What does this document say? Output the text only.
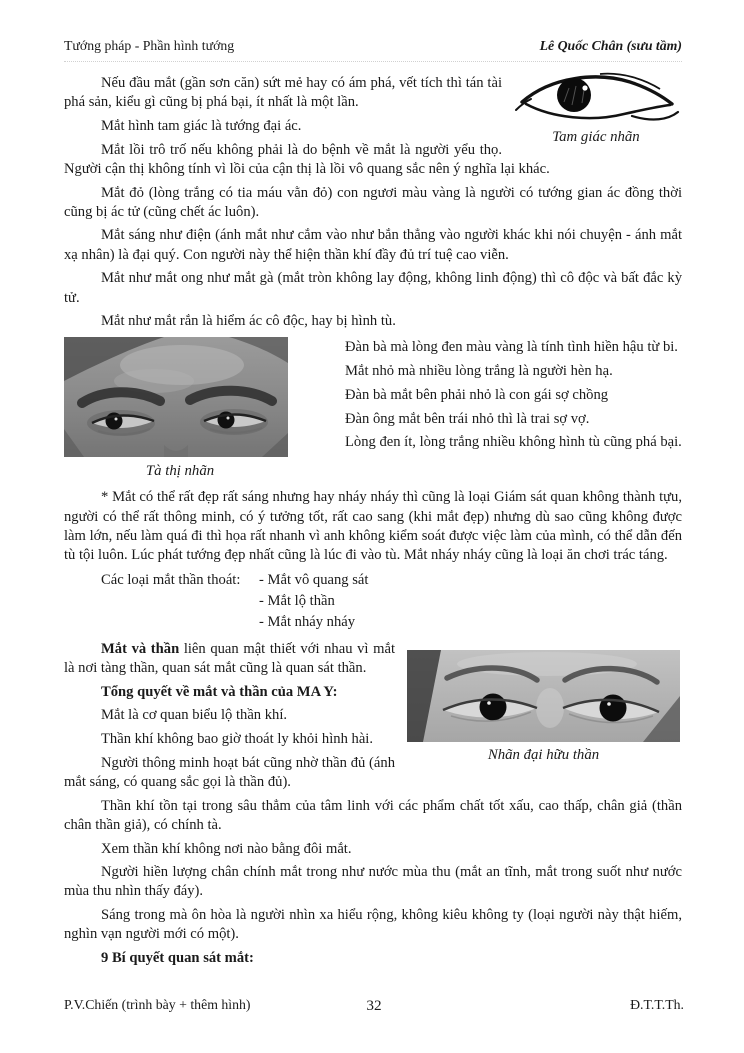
Tướng pháp - Phần hình tướng	Lê Quốc Chân (sưu tầm)
Tam giác nhãn

Nếu đầu mắt (gần sơn căn) sứt mẻ hay có ám phá, vết tích thì tán tài phá sản, kiểu gì cũng bị phá bại, ít nhất là một lần.

Mắt hình tam giác là tướng đại ác.

Mắt lồi trô trố nếu không phải là do bệnh về mắt là người yểu thọ. Người cận thị không tính vì lồi của cận thị là lồi vô quang sắc nên ý nghĩa lại khác.

Mắt đỏ (lòng trắng có tia máu vằn đỏ) con ngươi màu vàng là người có tướng gian ác đồng thời cũng bị ác tử (cũng chết ác luôn).

Mắt sáng như điện (ánh mắt như cắm vào như bắn thẳng vào người khác khi nói chuyện - ánh mắt xạ nhân) là đại quý. Con người này thể hiện thần khí đầy đủ trí tuệ cao viễn.

Mắt như mắt ong như mắt gà (mắt tròn không lay động, không linh động) thì cô độc và bất đắc kỳ tử.

Mắt như mắt rắn là hiểm ác cô độc, hay bị hình tù.

Tà thị nhãn

Đàn bà mà lòng đen màu vàng là tính tình hiền hậu từ bi.

Mắt nhỏ mà nhiều lòng trắng là người hèn hạ.

Đàn bà mắt bên phải nhỏ là con gái sợ chồng

Đàn ông mắt bên trái nhỏ thì là trai sợ vợ.

Lòng đen ít, lòng trắng nhiều không hình tù cũng phá bại.

* Mắt có thể rất đẹp rất sáng nhưng hay nháy nháy thì cũng là loại Giám sát quan không thành tựu, người có thể rất thông minh, có ý tưởng tốt, rất cao sang (khi mắt đẹp) nhưng dù sao cũng không được làm lớn, nếu làm quá đi thì họa rất nhanh vì anh không kiểm soát được việc làm của mình, có thể dẫn đến tù tội luôn. Lúc phát tướng đẹp nhất cũng là lúc đi vào tù. Mắt nháy nháy cũng là loại ăn chơi trác táng.

Các loại mắt thần thoát: - Mắt vô quang sát
- Mắt lộ thần
- Mắt nháy nháy
Nhãn đại hữu thần

Mắt và thần liên quan mật thiết với nhau vì mắt là nơi tàng thần, quan sát mắt cũng là quan sát thần.

Tổng quyết về mắt và thần của MA Y:

Mắt là cơ quan biểu lộ thần khí.

Thần khí không bao giờ thoát ly khỏi hình hài.

Người thông minh hoạt bát cũng nhờ thần đủ (ánh mắt sáng, có quang sắc gọi là thần đủ).

Thần khí tồn tại trong sâu thẳm của tâm linh với các phẩm chất tốt xấu, cao thấp, chân giả (thần chân thần giả), có chính tà.

Xem thần khí không nơi nào bằng đôi mắt.

Người hiền lượng chân chính mắt trong như nước mùa thu (mắt an tĩnh, mắt trong suốt như nước mùa thu nhìn thấy đáy).

Sáng trong mà ôn hòa là người nhìn xa hiểu rộng, không kiêu không ty (loại người này thật hiếm, nghìn vạn người mới có một).

9 Bí quyết quan sát mắt:

P.V.Chiến (trình bày + thêm hình)	32	Đ.T.T.Th.
